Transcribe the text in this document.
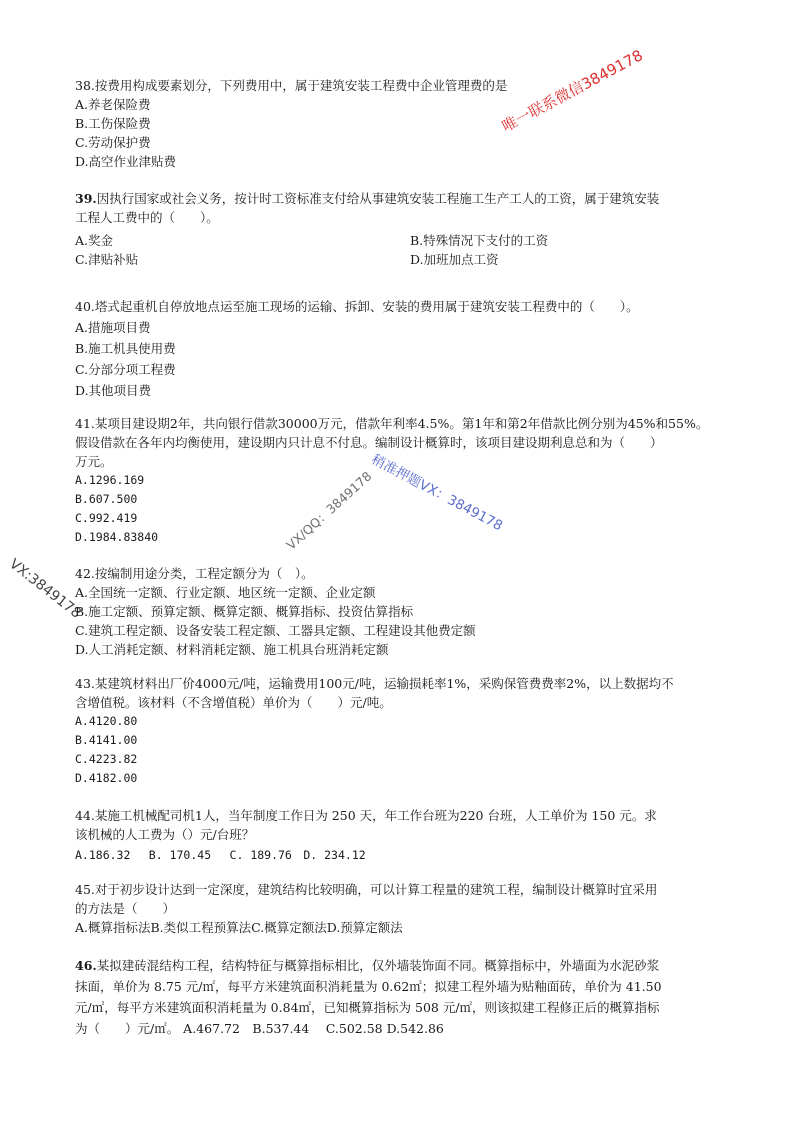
38.按费用构成要素划分，下列费用中，属于建筑安装工程费中企业管理费的是
A.养老保险费
B.工伤保险费
C.劳动保护费
D.高空作业津贴费
39.因执行国家或社会义务，按计时工资标准支付给从事建筑安装工程施工生产工人的工资，属于建筑安装
工程人工费中的（　　）。
A.奖金	B.特殊情况下支付的工资
C.津贴补贴	D.加班加点工资
40.塔式起重机自停放地点运至施工现场的运输、拆卸、安装的费用属于建筑安装工程费中的（　　）。
A.措施项目费
B.施工机具使用费
C.分部分项工程费
D.其他项目费
41.某项目建设期2年，共向银行借款30000万元，借款年利率4.5%。第1年和第2年借款比例分别为45%和55%。
假设借款在各年内均衡使用，建设期内只计息不付息。编制设计概算时，该项目建设期利息总和为（　　）
万元。
A.1296.169
B.607.500
C.992.419
D.1984.83840
42.按编制用途分类，工程定额分为（　）。
A.全国统一定额、行业定额、地区统一定额、企业定额
B.施工定额、预算定额、概算定额、概算指标、投资估算指标
C.建筑工程定额、设备安装工程定额、工器具定额、工程建设其他费定额
D.人工消耗定额、材料消耗定额、施工机具台班消耗定额
43.某建筑材料出厂价4000元/吨，运输费用100元/吨，运输损耗率1%，采购保管费费率2%，以上数据均不
含增值税。该材料（不含增值税）单价为（　　）元/吨。
A.4120.80
B.4141.00
C.4223.82
D.4182.00
44.某施工机械配司机1人，当年制度工作日为 250 天，年工作台班为220 台班，人工单价为 150 元。求
该机械的人工费为（）元/台班？
A.186.32　 B. 170.45　 C. 189.76　D. 234.12
45.对于初步设计达到一定深度，建筑结构比较明确，可以计算工程量的建筑工程，编制设计概算时宜采用
的方法是（　　）
A.概算指标法B.类似工程预算法C.概算定额法D.预算定额法
46.某拟建砖混结构工程，结构特征与概算指标相比，仅外墙装饰面不同。概算指标中，外墙面为水泥砂浆
抹面，单价为 8.75 元/㎡，每平方米建筑面积消耗量为 0.62㎡；拟建工程外墙为贴釉面砖，单价为 41.50
元/㎡，每平方米建筑面积消耗量为 0.84㎡，已知概算指标为 508 元/㎡，则该拟建工程修正后的概算指标
为（　　）元/㎡。 A.467.72　B.537.44　 C.502.58 D.542.86
唯一联系微信3849178
稍准押题VX：3849178
VX/QQ：3849178
VX:3849178
